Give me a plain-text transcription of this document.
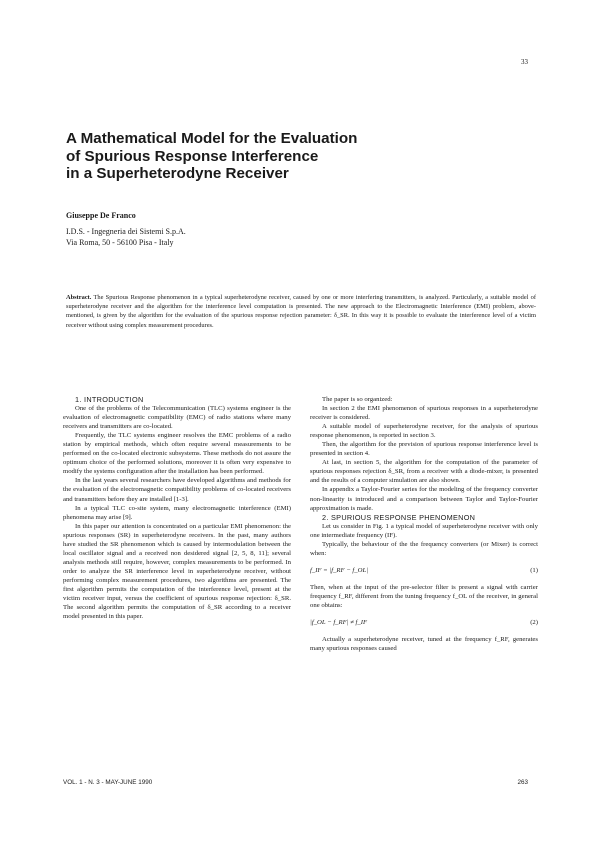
33
A Mathematical Model for the Evaluation
of Spurious Response Interference
in a Superheterodyne Receiver
Giuseppe De Franco
I.D.S. - Ingegneria dei Sistemi S.p.A.
Via Roma, 50 - 56100 Pisa - Italy

Abstract. The Spurious Response phenomenon in a typical superheterodyne receiver, caused by one or more interfering transmitters, is analyzed. Particularly, a suitable model of superheterodyne receiver and the algorithm for the interference level computation is presented. The new approach to the Electromagnetic Interference (EMI) problem, above-mentioned, is given by the algorithm for the evaluation of the spurious response rejection parameter: δ_SR. In this way it is possible to evaluate the interference level of a victim receiver without using complex measurement procedures.

1. INTRODUCTION

One of the problems of the Telecommunication (TLC) systems engineer is the evaluation of electromagnetic compatibility (EMC) of radio stations where many receivers and transmitters are co-located.

Frequently, the TLC systems engineer resolves the EMC problems of a radio station by empirical methods, which often require several measurements to be performed on the co-located electronic subsystems. These methods do not assure the optimum choice of the performed solutions, moreover it is often very expensive to modify the systems configuration after the installation has been performed.

In the last years several researchers have developed algorithms and methods for the evaluation of the electromagnetic compatibility problems of co-located receivers and transmitters before they are installed [1-3].

In a typical TLC co-site system, many electromagnetic interference (EMI) phenomena may arise [9].

In this paper our attention is concentrated on a particular EMI phenomenon: the spurious responses (SR) in superheterodyne receivers. In the past, many authors have studied the SR phenomenon which is caused by intermodulation between the local oscillator signal and a received non desidered signal [2, 5, 8, 11]; several analysis methods still require, however, complex measurements to be performed. In order to analyze the SR interference level in superheterodyne receiver, without performing complex measurement procedures, two algorithms are presented. The first algorithm permits the computation of the interference level, present at the victim receiver input, versus the coefficient of spurious response rejection: δ_SR. The second algorithm permits the computation of δ_SR according to a receiver model presented in this paper.

The paper is so organized:

In section 2 the EMI phenomenon of spurious responses in a superheterodyne receiver is considered.

A suitable model of superheterodyne receiver, for the analysis of spurious response phenomenon, is reported in section 3.

Then, the algorithm for the prevision of spurious response interference level is presented in section 4.

At last, in section 5, the algorithm for the computation of the parameter of spurious responses rejection δ_SR, from a receiver with a diode-mixer, is presented and the results of a computer simulation are also shown.

In appendix a Taylor-Fourier series for the modeling of the frequency converter non-linearity is introduced and a comparison between Taylor and Taylor-Fourier approximation is made.

2. SPURIOUS RESPONSE PHENOMENON

Let us consider in Fig. 1 a typical model of superheterodyne receiver with only one intermediate frequency (IF).

Typically, the behaviour of the the frequency converters (or Mixer) is correct when:

f_IF = |f_RF − f_OL|	(1)

Then, when at the input of the pre-selector filter is present a signal with carrier frequency f_RF, different from the tuning frequency f_OL of the receiver, in general one obtains:

|f_OL − f_RF| ≠ f_IF	(2)

Actually a superheterodyne receiver, tuned at the frequency f_RF, generates many spurious responses caused

VOL. 1 - N. 3 - MAY-JUNE 1990	263
